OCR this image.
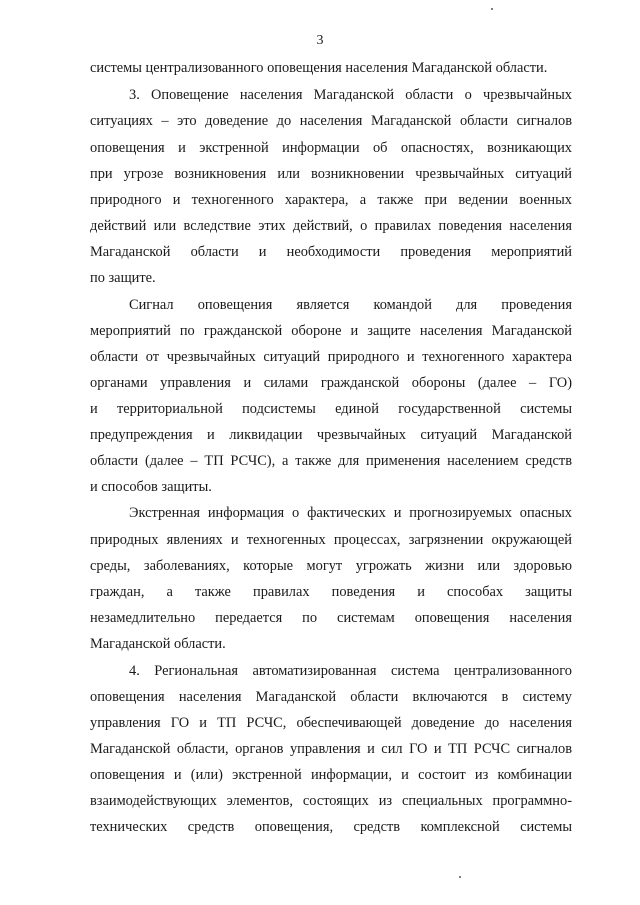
3
системы централизованного оповещения населения Магаданской области.
3. Оповещение населения Магаданской области о чрезвычайных
ситуациях – это доведение до населения Магаданской области сигналов
оповещения и экстренной информации об опасностях, возникающих
при угрозе возникновения или возникновении чрезвычайных ситуаций
природного и техногенного характера, а также при ведении военных
действий или вследствие этих действий, о правилах поведения населения
Магаданской области и необходимости проведения мероприятий
по защите.
Сигнал оповещения является командой для проведения
мероприятий по гражданской обороне и защите населения Магаданской
области от чрезвычайных ситуаций природного и техногенного характера
органами управления и силами гражданской обороны (далее – ГО)
и территориальной подсистемы единой государственной системы
предупреждения и ликвидации чрезвычайных ситуаций Магаданской
области (далее – ТП РСЧС), а также для применения населением средств
и способов защиты.
Экстренная информация о фактических и прогнозируемых опасных
природных явлениях и техногенных процессах, загрязнении окружающей
среды, заболеваниях, которые могут угрожать жизни или здоровью
граждан, а также правилах поведения и способах защиты
незамедлительно передается по системам оповещения населения
Магаданской области.
4. Региональная автоматизированная система централизованного
оповещения населения Магаданской области включаются в систему
управления ГО и ТП РСЧС, обеспечивающей доведение до населения
Магаданской области, органов управления и сил ГО и ТП РСЧС сигналов
оповещения и (или) экстренной информации, и состоит из комбинации
взаимодействующих элементов, состоящих из специальных программно-
технических средств оповещения, средств комплексной системы
